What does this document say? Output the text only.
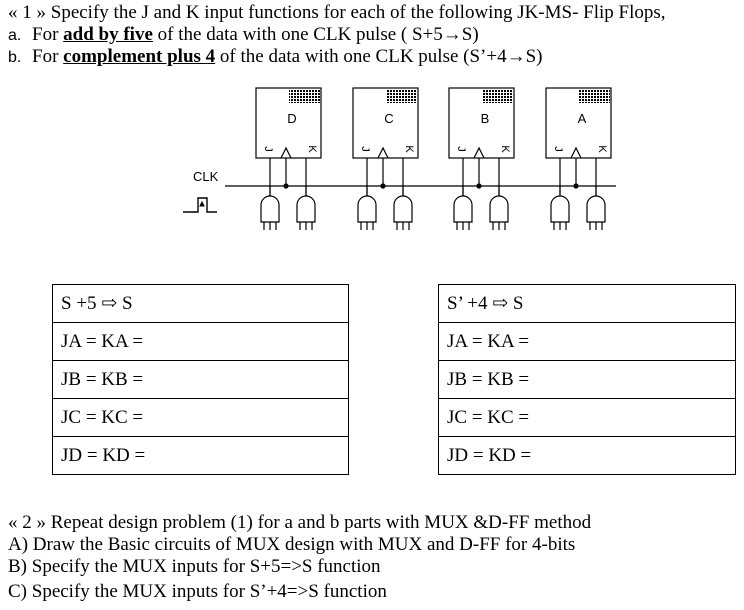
« 1 » Specify the J and K input functions for each of the following JK-MS- Flip Flops,
a. For add by five of the data with one CLK pulse ( S+5→S)
b. For complement plus 4 of the data with one CLK pulse (S’+4→S)
D
J	K
C
J	K
B
J	K
A
J	K
CLK
S +5 ⇨ S
JA = KA =
JB = KB =
JC = KC =
JD = KD =
S’ +4 ⇨ S
JA = KA =
JB = KB =
JC = KC =
JD = KD =
« 2 » Repeat design problem (1) for a and b parts with MUX &D-FF method
A) Draw the Basic circuits of MUX design with MUX and D-FF for 4-bits
B) Specify the MUX inputs for S+5=>S function
C) Specify the MUX inputs for S’+4=>S function
